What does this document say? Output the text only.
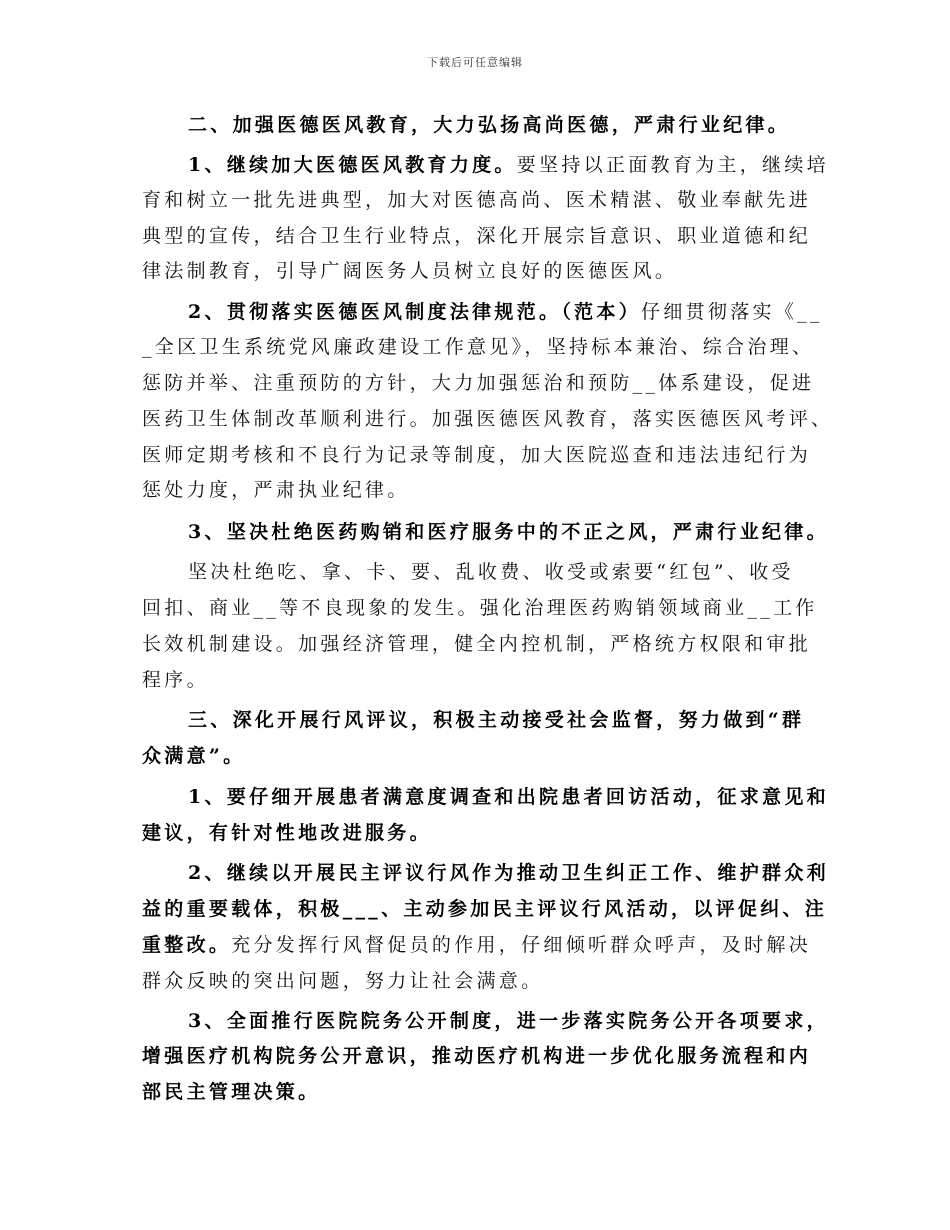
下载后可任意编辑
二、加强医德医风教育，大力弘扬高尚医德，严肃行业纪律。
1、继续加大医德医风教育力度。要坚持以正面教育为主，继续培
育和树立一批先进典型，加大对医德高尚、医术精湛、敬业奉献先进
典型的宣传，结合卫生行业特点，深化开展宗旨意识、职业道德和纪
律法制教育，引导广阔医务人员树立良好的医德医风。
2、贯彻落实医德医风制度法律规范。（范本）仔细贯彻落实《__
_全区卫生系统党风廉政建设工作意见》，坚持标本兼治、综合治理、
惩防并举、注重预防的方针，大力加强惩治和预防__体系建设，促进
医药卫生体制改革顺利进行。加强医德医风教育，落实医德医风考评、
医师定期考核和不良行为记录等制度，加大医院巡查和违法违纪行为
惩处力度，严肃执业纪律。
3、坚决杜绝医药购销和医疗服务中的不正之风，严肃行业纪律。
坚决杜绝吃、拿、卡、要、乱收费、收受或索要“红包”、收受
回扣、商业__等不良现象的发生。强化治理医药购销领域商业__工作
长效机制建设。加强经济管理，健全内控机制，严格统方权限和审批
程序。
三、深化开展行风评议，积极主动接受社会监督，努力做到“群
众满意”。
1、要仔细开展患者满意度调查和出院患者回访活动，征求意见和
建议，有针对性地改进服务。
2、继续以开展民主评议行风作为推动卫生纠正工作、维护群众利
益的重要载体，积极___、主动参加民主评议行风活动，以评促纠、注
重整改。充分发挥行风督促员的作用，仔细倾听群众呼声，及时解决
群众反映的突出问题，努力让社会满意。
3、全面推行医院院务公开制度，进一步落实院务公开各项要求，
增强医疗机构院务公开意识，推动医疗机构进一步优化服务流程和内
部民主管理决策。
